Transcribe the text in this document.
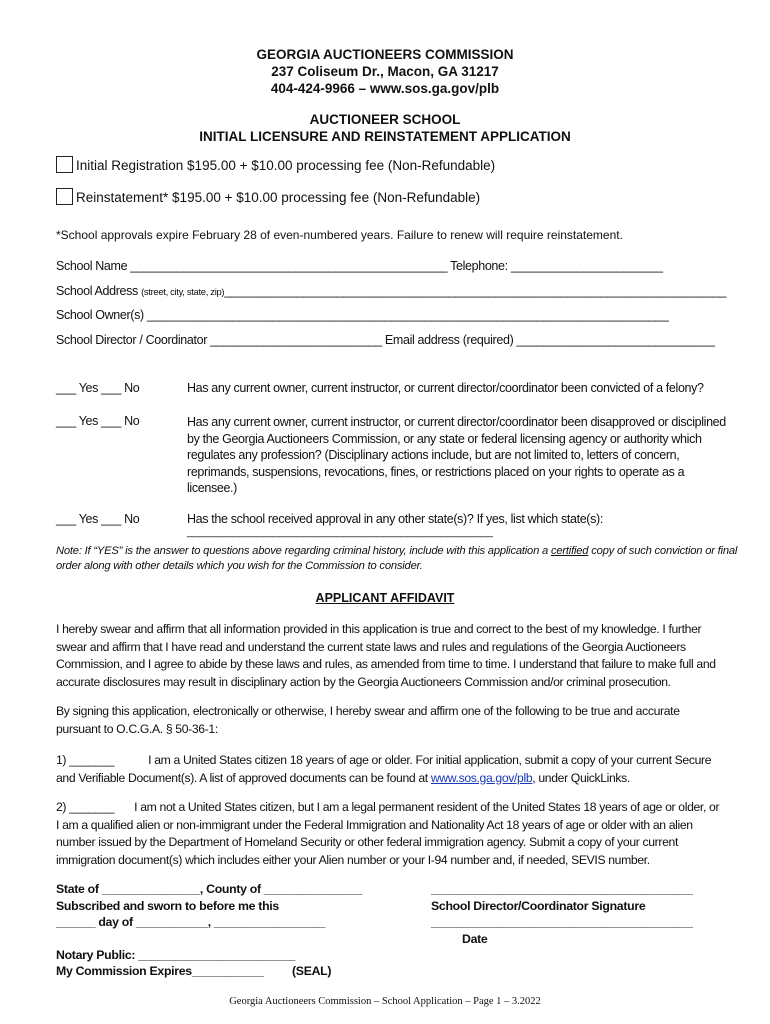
GEORGIA AUCTIONEERS COMMISSION
237 Coliseum Dr., Macon, GA 31217
404-424-9966 – www.sos.ga.gov/plb
AUCTIONEER SCHOOL
INITIAL LICENSURE AND REINSTATEMENT APPLICATION
Initial Registration $195.00 + $10.00 processing fee (Non-Refundable)
Reinstatement* $195.00 + $10.00 processing fee (Non-Refundable)
*School approvals expire February 28 of even-numbered years. Failure to renew will require reinstatement.
School Name ________________________________________________ Telephone: _______________________
School Address (street, city, state, zip)____________________________________________________________________________
School Owner(s) _______________________________________________________________________________
School Director / Coordinator __________________________ Email address (required) ______________________________
___ Yes ___ No	Has any current owner, current instructor, or current director/coordinator been convicted of a felony?
___ Yes ___ No	Has any current owner, current instructor, or current director/coordinator been disapproved or disciplined
by the Georgia Auctioneers Commission, or any state or federal licensing agency or authority which
regulates any profession? (Disciplinary actions include, but are not limited to, letters of concern,
reprimands, suspensions, revocations, fines, or restrictions placed on your rights to operate as a
licensee.)
___ Yes ___ No	Has the school received approval in any other state(s)? If yes, list which state(s):
_____________________________________________________
Note: If “YES” is the answer to questions above regarding criminal history, include with this application a certified copy of such conviction or final
order along with other details which you wish for the Commission to consider.
APPLICANT AFFIDAVIT
I hereby swear and affirm that all information provided in this application is true and correct to the best of my knowledge. I further
swear and affirm that I have read and understand the current state laws and rules and regulations of the Georgia Auctioneers
Commission, and I agree to abide by these laws and rules, as amended from time to time. I understand that failure to make full and
accurate disclosures may result in disciplinary action by the Georgia Auctioneers Commission and/or criminal prosecution.
By signing this application, electronically or otherwise, I hereby swear and affirm one of the following to be true and accurate
pursuant to O.C.G.A. § 50-36-1:
1) _______	I am a United States citizen 18 years of age or older. For initial application, submit a copy of your current Secure
and Verifiable Document(s). A list of approved documents can be found at www.sos.ga.gov/plb, under QuickLinks.
2) _______ I am not a United States citizen, but I am a legal permanent resident of the United States 18 years of age or older, or
I am a qualified alien or non-immigrant under the Federal Immigration and Nationality Act 18 years of age or older with an alien
number issued by the Department of Homeland Security or other federal immigration agency. Submit a copy of your current
immigration document(s) which includes either your Alien number or your I-94 number and, if needed, SEVIS number.
State of _______________, County of _______________
Subscribed and sworn to before me this
______ day of ___________, _________________
Notary Public: ________________________
My Commission Expires___________ (SEAL)
________________________________________
School Director/Coordinator Signature
________________________________________
Date
Georgia Auctioneers Commission – School Application – Page 1 – 3.2022
